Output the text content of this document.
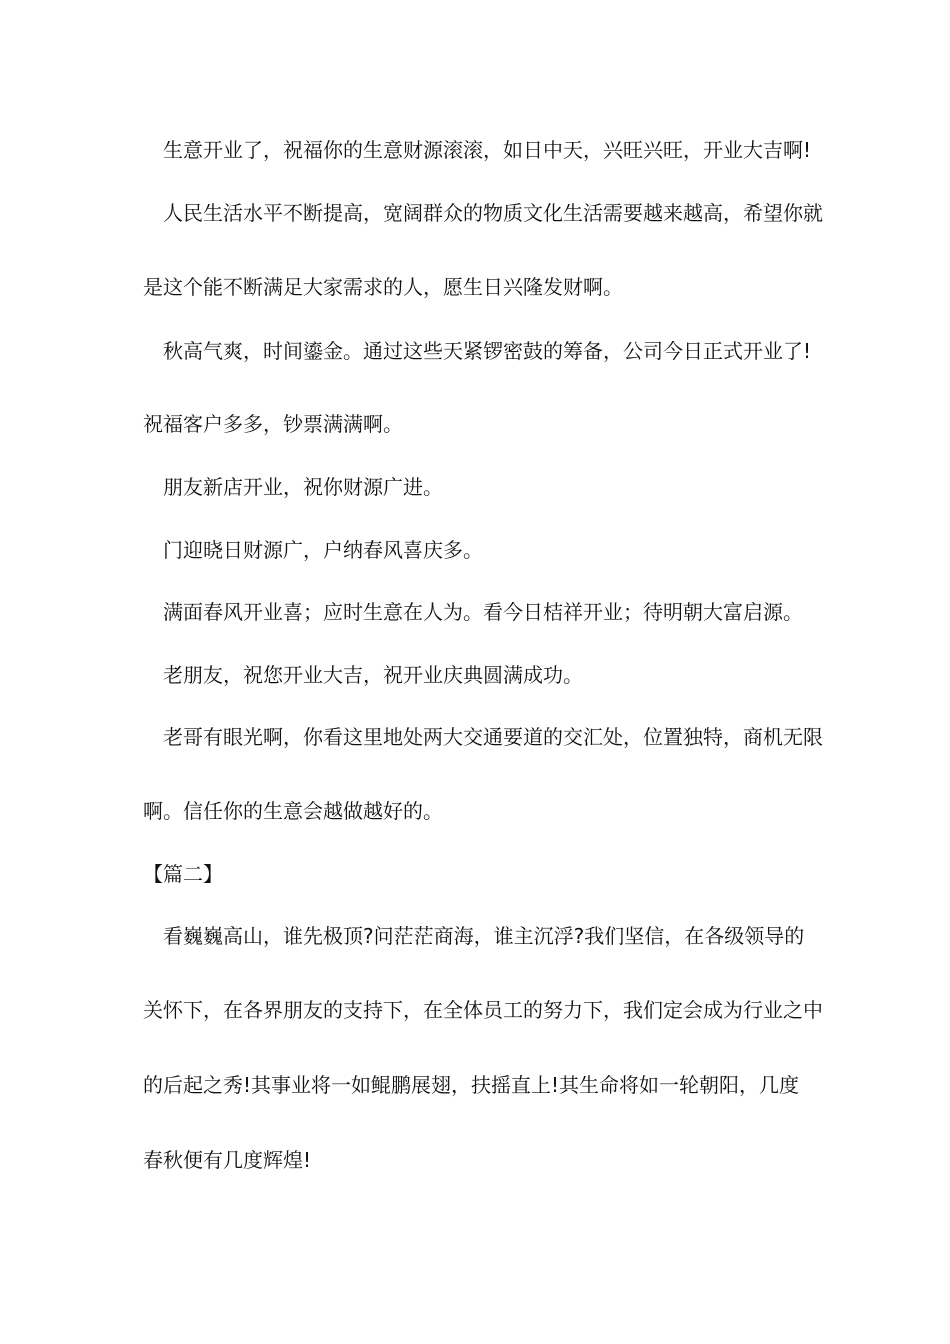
　生意开业了，祝福你的生意财源滚滚，如日中天，兴旺兴旺，开业大吉啊!
　人民生活水平不断提高，宽阔群众的物质文化生活需要越来越高，希望你就
是这个能不断满足大家需求的人，愿生日兴隆发财啊。
　秋高气爽，时间鎏金。通过这些天紧锣密鼓的筹备，公司今日正式开业了!
祝福客户多多，钞票满满啊。
　朋友新店开业，祝你财源广进。
　门迎晓日财源广，户纳春风喜庆多。
　满面春风开业喜；应时生意在人为。看今日桔祥开业；待明朝大富启源。
　老朋友，祝您开业大吉，祝开业庆典圆满成功。
　老哥有眼光啊，你看这里地处两大交通要道的交汇处，位置独特，商机无限
啊。信任你的生意会越做越好的。
【篇二】
　看巍巍高山，谁先极顶?问茫茫商海，谁主沉浮?我们坚信，在各级领导的
关怀下，在各界朋友的支持下，在全体员工的努力下，我们定会成为行业之中
的后起之秀!其事业将一如鲲鹏展翅，扶摇直上!其生命将如一轮朝阳，几度
春秋便有几度辉煌!
